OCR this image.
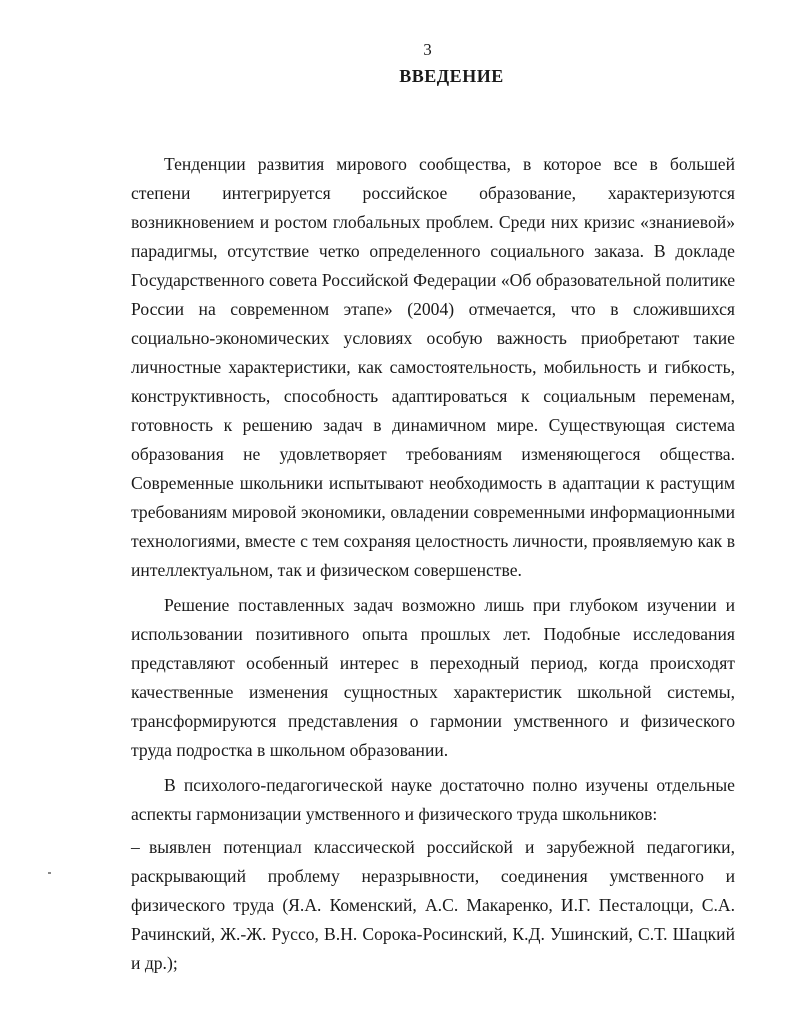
3
ВВЕДЕНИЕ

Тенденции развития мирового сообщества, в которое все в большей степени интегрируется российское образование, характеризуются возникновением и ростом глобальных проблем. Среди них кризис «знаниевой» парадигмы, отсутствие четко определенного социального заказа. В докладе Государственного совета Российской Федерации «Об образовательной политике России на современном этапе» (2004) отмечается, что в сложившихся социально-экономических условиях особую важность приобретают такие личностные характеристики, как самостоятельность, мобильность и гибкость, конструктивность, способность адаптироваться к социальным переменам, готовность к решению задач в динамичном мире. Существующая система образования не удовлетворяет требованиям изменяющегося общества. Современные школьники испытывают необходимость в адаптации к растущим требованиям мировой экономики, овладении современными информационными технологиями, вместе с тем сохраняя целостность личности, проявляемую как в интеллектуальном, так и физическом совершенстве.

Решение поставленных задач возможно лишь при глубоком изучении и использовании позитивного опыта прошлых лет. Подобные исследования представляют особенный интерес в переходный период, когда происходят качественные изменения сущностных характеристик школьной системы, трансформируются представления о гармонии умственного и физического труда подростка в школьном образовании.

В психолого-педагогической науке достаточно полно изучены отдельные аспекты гармонизации умственного и физического труда школьников:

– выявлен потенциал классической российской и зарубежной педагогики, раскрывающий проблему неразрывности, соединения умственного и физического труда (Я.А. Коменский, А.С. Макаренко, И.Г. Песталоцци, С.А. Рачинский, Ж.-Ж. Руссо, В.Н. Сорока-Росинский, К.Д. Ушинский, С.Т. Шацкий и др.);
